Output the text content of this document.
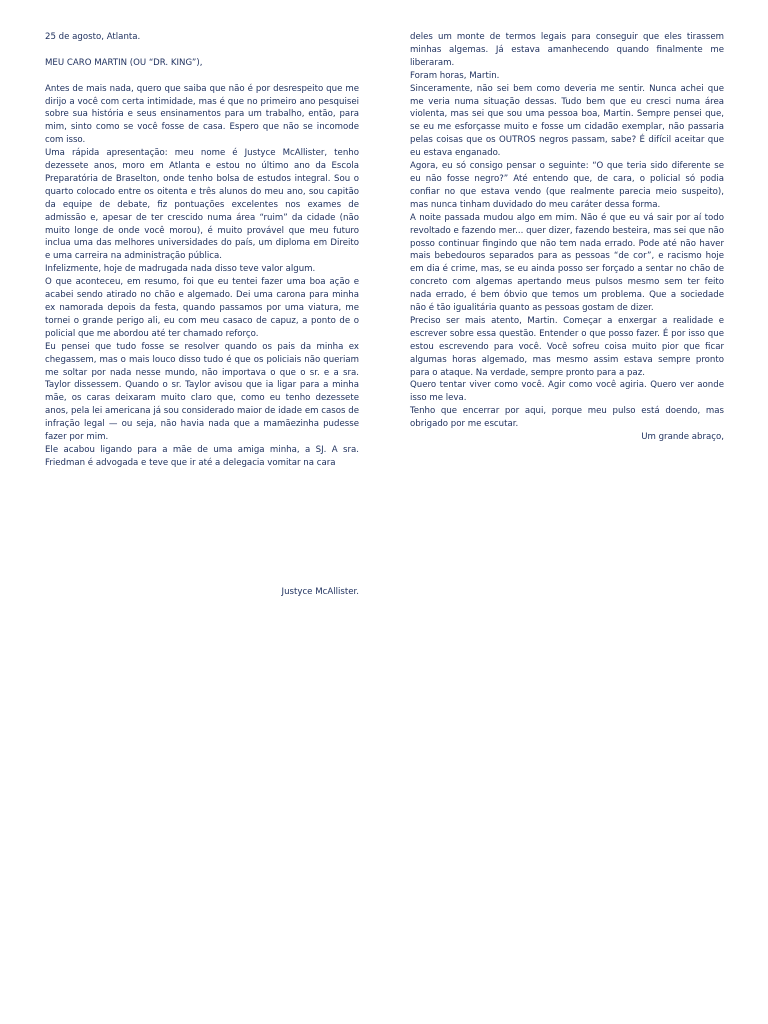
25 de agosto, Atlanta.

MEU CARO MARTIN (OU “DR. KING”),

Antes de mais nada, quero que saiba que não é por desrespeito que me dirijo a você com certa intimidade, mas é que no primeiro ano pesquisei sobre sua história e seus ensinamentos para um trabalho, então, para mim, sinto como se você fosse de casa. Espero que não se incomode com isso.

Uma rápida apresentação: meu nome é Justyce McAllister, tenho dezessete anos, moro em Atlanta e estou no último ano da Escola Preparatória de Braselton, onde tenho bolsa de estudos integral. Sou o quarto colocado entre os oitenta e três alunos do meu ano, sou capitão da equipe de debate, fiz pontuações excelentes nos exames de admissão e, apesar de ter crescido numa área “ruim” da cidade (não muito longe de onde você morou), é muito provável que meu futuro inclua uma das melhores universidades do país, um diploma em Direito e uma carreira na administração pública.

Infelizmente, hoje de madrugada nada disso teve valor algum.

O que aconteceu, em resumo, foi que eu tentei fazer uma boa ação e acabei sendo atirado no chão e algemado. Dei uma carona para minha ex namorada depois da festa, quando passamos por uma viatura, me tornei o grande perigo ali, eu com meu casaco de capuz, a ponto de o policial que me abordou até ter chamado reforço.

Eu pensei que tudo fosse se resolver quando os pais da minha ex chegassem, mas o mais louco disso tudo é que os policiais não queriam me soltar por nada nesse mundo, não importava o que o sr. e a sra. Taylor dissessem. Quando o sr. Taylor avisou que ia ligar para a minha mãe, os caras deixaram muito claro que, como eu tenho dezessete anos, pela lei americana já sou considerado maior de idade em casos de infração legal — ou seja, não havia nada que a mamãezinha pudesse fazer por mim.

Ele acabou ligando para a mãe de uma amiga minha, a SJ. A sra. Friedman é advogada e teve que ir até a delegacia vomitar na cara

deles um monte de termos legais para conseguir que eles tirassem minhas algemas. Já estava amanhecendo quando finalmente me liberaram.

Foram horas, Martin.

Sinceramente, não sei bem como deveria me sentir. Nunca achei que me veria numa situação dessas. Tudo bem que eu cresci numa área violenta, mas sei que sou uma pessoa boa, Martin. Sempre pensei que, se eu me esforçasse muito e fosse um cidadão exemplar, não passaria pelas coisas que os OUTROS negros passam, sabe? É difícil aceitar que eu estava enganado.

Agora, eu só consigo pensar o seguinte: “O que teria sido diferente se eu não fosse negro?” Até entendo que, de cara, o policial só podia confiar no que estava vendo (que realmente parecia meio suspeito), mas nunca tinham duvidado do meu caráter dessa forma.

A noite passada mudou algo em mim. Não é que eu vá sair por aí todo revoltado e fazendo mer... quer dizer, fazendo besteira, mas sei que não posso continuar fingindo que não tem nada errado. Pode até não haver mais bebedouros separados para as pessoas “de cor”, e racismo hoje em dia é crime, mas, se eu ainda posso ser forçado a sentar no chão de concreto com algemas apertando meus pulsos mesmo sem ter feito nada errado, é bem óbvio que temos um problema. Que a sociedade não é tão igualitária quanto as pessoas gostam de dizer.

Preciso ser mais atento, Martin. Começar a enxergar a realidade e escrever sobre essa questão. Entender o que posso fazer. É por isso que estou escrevendo para você. Você sofreu coisa muito pior que ficar algumas horas algemado, mas mesmo assim estava sempre pronto para o ataque. Na verdade, sempre pronto para a paz.

Quero tentar viver como você. Agir como você agiria. Quero ver aonde isso me leva.

Tenho que encerrar por aqui, porque meu pulso está doendo, mas obrigado por me escutar.

Um grande abraço,

Justyce McAllister.
